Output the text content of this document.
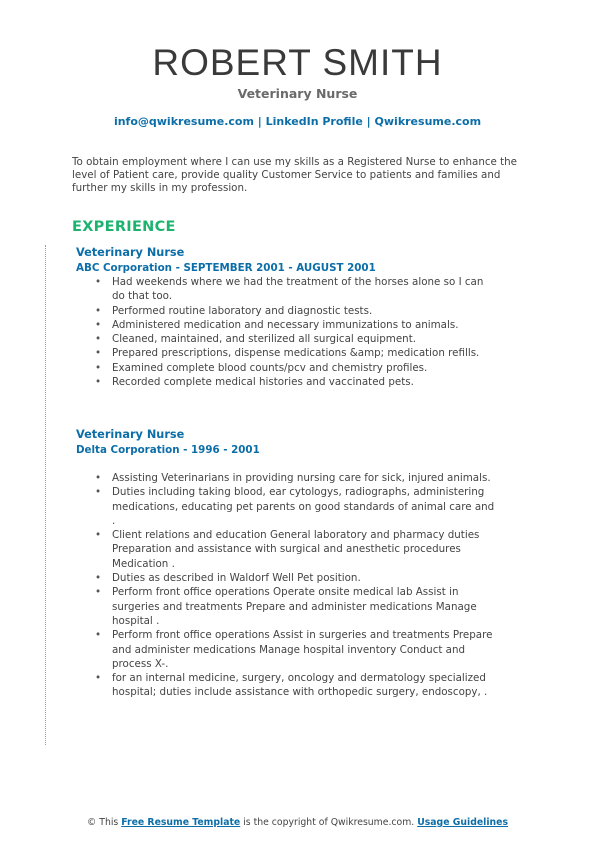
ROBERT SMITH
Veterinary Nurse
info@qwikresume.com | LinkedIn Profile | Qwikresume.com
To obtain employment where I can use my skills as a Registered Nurse to enhance the level of Patient care, provide quality Customer Service to patients and families and further my skills in my profession.
EXPERIENCE
Veterinary Nurse
ABC Corporation - SEPTEMBER 2001 - AUGUST 2001
• Had weekends where we had the treatment of the horses alone so I can do that too.
• Performed routine laboratory and diagnostic tests.
• Administered medication and necessary immunizations to animals.
• Cleaned, maintained, and sterilized all surgical equipment.
• Prepared prescriptions, dispense medications &amp; medication refills.
• Examined complete blood counts/pcv and chemistry profiles.
• Recorded complete medical histories and vaccinated pets.
Veterinary Nurse
Delta Corporation - 1996 - 2001
• Assisting Veterinarians in providing nursing care for sick, injured animals.
• Duties including taking blood, ear cytologys, radiographs, administering medications, educating pet parents on good standards of animal care and .
• Client relations and education General laboratory and pharmacy duties Preparation and assistance with surgical and anesthetic procedures Medication .
• Duties as described in Waldorf Well Pet position.
• Perform front office operations Operate onsite medical lab Assist in surgeries and treatments Prepare and administer medications Manage hospital .
• Perform front office operations Assist in surgeries and treatments Prepare and administer medications Manage hospital inventory Conduct and process X-.
• for an internal medicine, surgery, oncology and dermatology specialized hospital; duties include assistance with orthopedic surgery, endoscopy, .
© This Free Resume Template is the copyright of Qwikresume.com. Usage Guidelines
